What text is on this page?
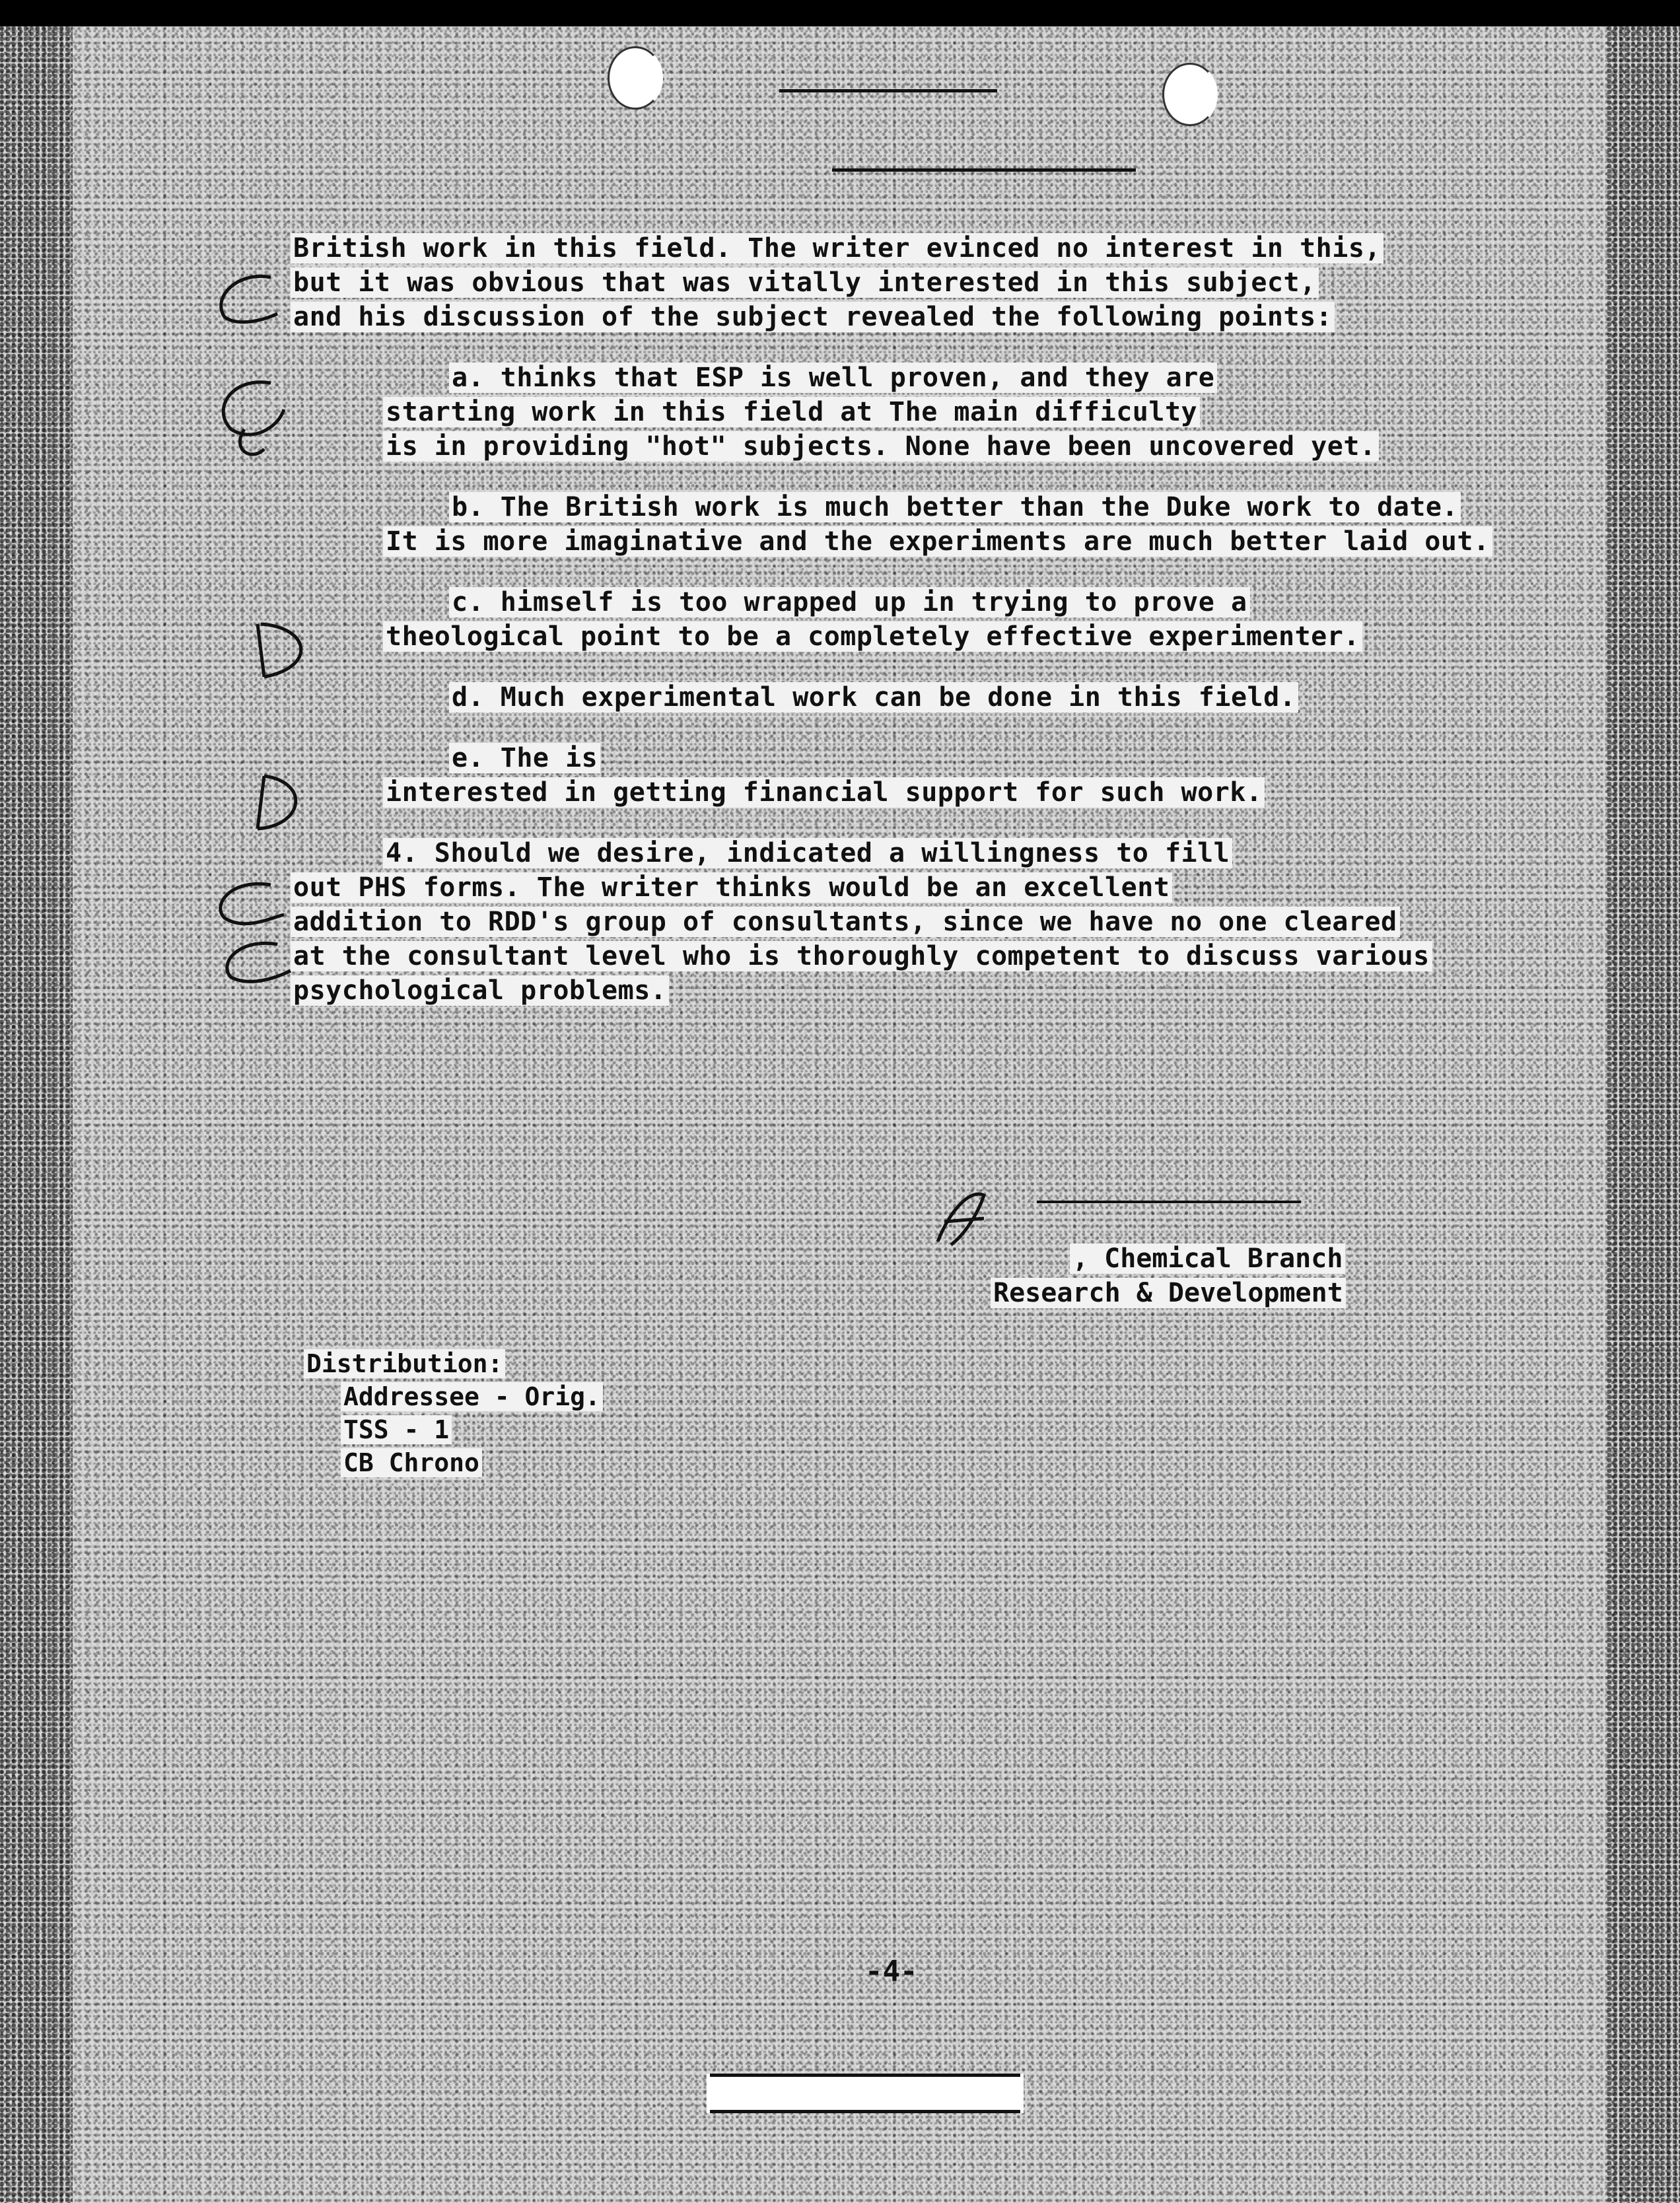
British work in this field. The writer evinced no interest in this,

but it was obvious that was vitally interested in this subject,

and his discussion of the subject revealed the following points:

a. thinks that ESP is well proven, and they are

starting work in this field at The main difficulty

is in providing "hot" subjects. None have been uncovered yet.

b. The British work is much better than the Duke work to date.

It is more imaginative and the experiments are much better laid out.

c. himself is too wrapped up in trying to prove a

theological point to be a completely effective experimenter.

d. Much experimental work can be done in this field.

e. The is

interested in getting financial support for such work.

4. Should we desire, indicated a willingness to fill

out PHS forms. The writer thinks would be an excellent

addition to RDD's group of consultants, since we have no one cleared

at the consultant level who is thoroughly competent to discuss various

psychological problems.

, Chemical Branch
Research & Development
Distribution:
Addressee - Orig.
TSS - 1
CB Chrono
-4-
